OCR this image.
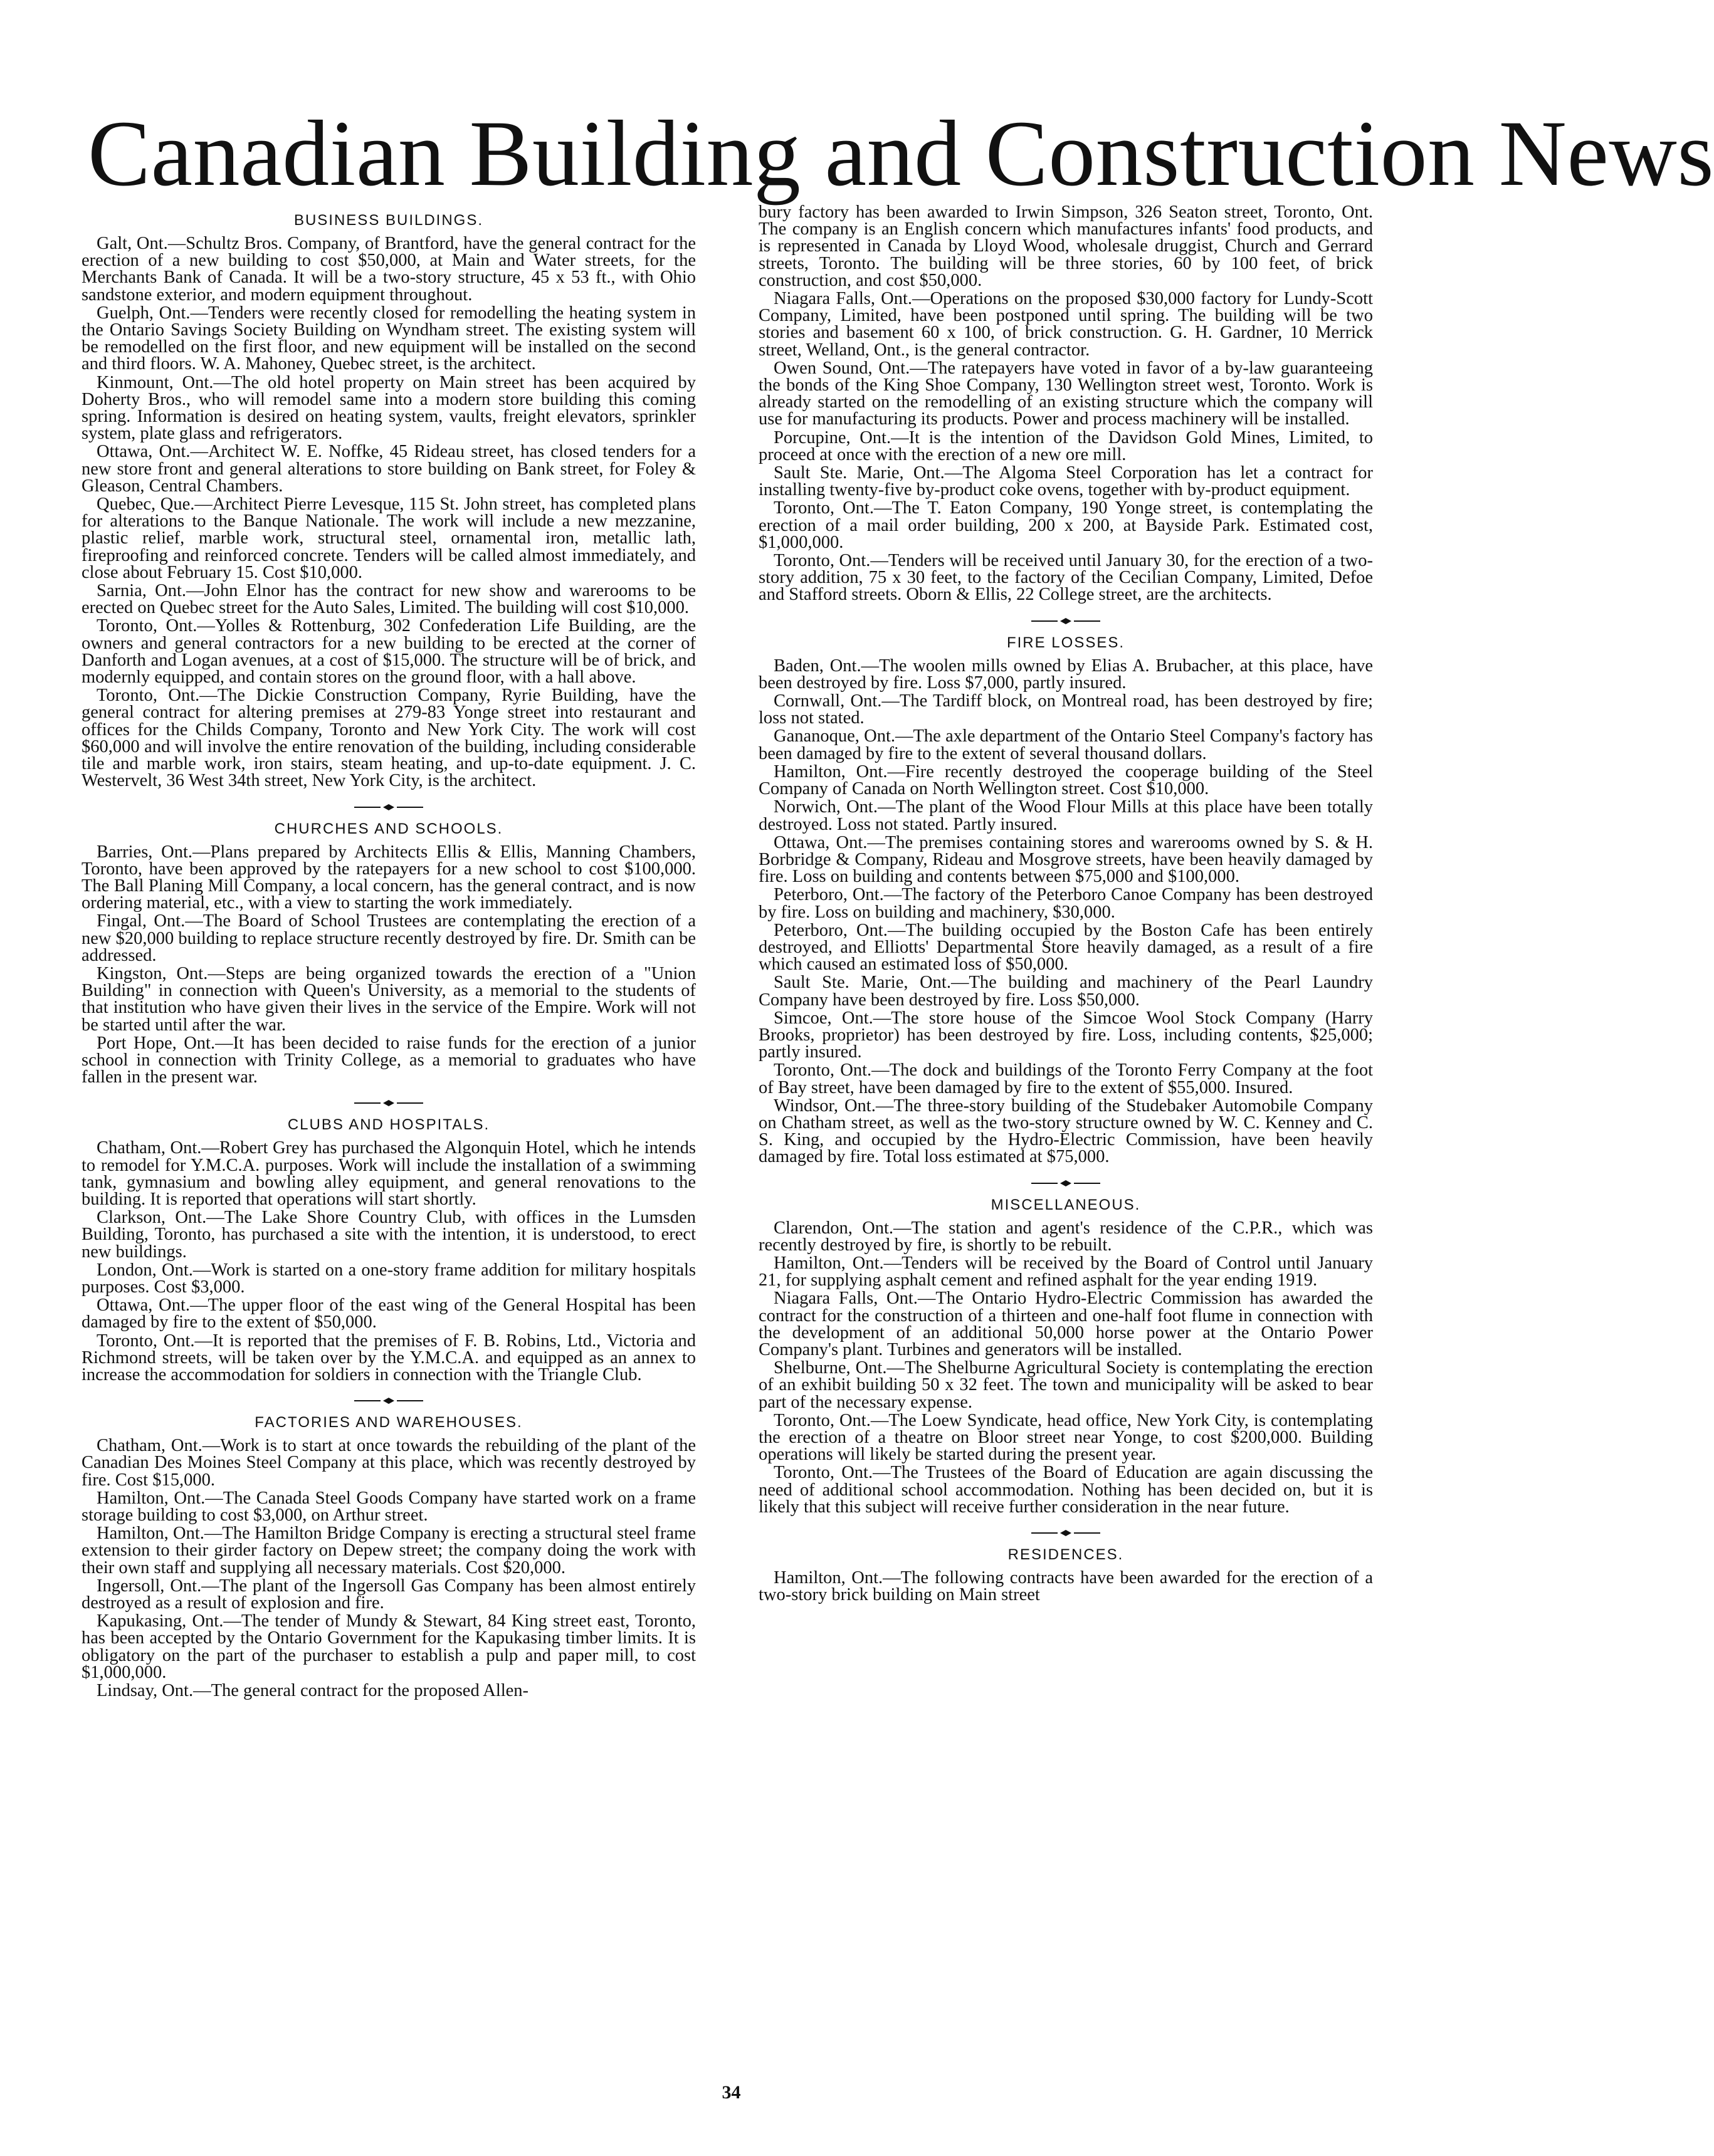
Canadian Building and Construction News
BUSINESS BUILDINGS.

Galt, Ont.—Schultz Bros. Company, of Brantford, have the general contract for the erection of a new building to cost $50,000, at Main and Water streets, for the Merchants Bank of Canada. It will be a two-story structure, 45 x 53 ft., with Ohio sandstone exterior, and modern equipment throughout.

Guelph, Ont.—Tenders were recently closed for remodelling the heating system in the Ontario Savings Society Building on Wyndham street. The existing system will be remodelled on the first floor, and new equipment will be installed on the second and third floors. W. A. Mahoney, Quebec street, is the architect.

Kinmount, Ont.—The old hotel property on Main street has been acquired by Doherty Bros., who will remodel same into a modern store building this coming spring. Information is desired on heating system, vaults, freight elevators, sprinkler system, plate glass and refrigerators.

Ottawa, Ont.—Architect W. E. Noffke, 45 Rideau street, has closed tenders for a new store front and general alterations to store building on Bank street, for Foley & Gleason, Central Chambers.

Quebec, Que.—Architect Pierre Levesque, 115 St. John street, has completed plans for alterations to the Banque Nationale. The work will include a new mezzanine, plastic relief, marble work, structural steel, ornamental iron, metallic lath, fireproofing and reinforced concrete. Tenders will be called almost immediately, and close about February 15. Cost $10,000.

Sarnia, Ont.—John Elnor has the contract for new show and warerooms to be erected on Quebec street for the Auto Sales, Limited. The building will cost $10,000.

Toronto, Ont.—Yolles & Rottenburg, 302 Confederation Life Building, are the owners and general contractors for a new building to be erected at the corner of Danforth and Logan avenues, at a cost of $15,000. The structure will be of brick, and modernly equipped, and contain stores on the ground floor, with a hall above.

Toronto, Ont.—The Dickie Construction Company, Ryrie Building, have the general contract for altering premises at 279-83 Yonge street into restaurant and offices for the Childs Company, Toronto and New York City. The work will cost $60,000 and will involve the entire renovation of the building, including considerable tile and marble work, iron stairs, steam heating, and up-to-date equipment. J. C. Westervelt, 36 West 34th street, New York City, is the architect.

CHURCHES AND SCHOOLS.

Barries, Ont.—Plans prepared by Architects Ellis & Ellis, Manning Chambers, Toronto, have been approved by the ratepayers for a new school to cost $100,000. The Ball Planing Mill Company, a local concern, has the general contract, and is now ordering material, etc., with a view to starting the work immediately.

Fingal, Ont.—The Board of School Trustees are contemplating the erection of a new $20,000 building to replace structure recently destroyed by fire. Dr. Smith can be addressed.

Kingston, Ont.—Steps are being organized towards the erection of a "Union Building" in connection with Queen's University, as a memorial to the students of that institution who have given their lives in the service of the Empire. Work will not be started until after the war.

Port Hope, Ont.—It has been decided to raise funds for the erection of a junior school in connection with Trinity College, as a memorial to graduates who have fallen in the present war.

CLUBS AND HOSPITALS.

Chatham, Ont.—Robert Grey has purchased the Algonquin Hotel, which he intends to remodel for Y.M.C.A. purposes. Work will include the installation of a swimming tank, gymnasium and bowling alley equipment, and general renovations to the building. It is reported that operations will start shortly.

Clarkson, Ont.—The Lake Shore Country Club, with offices in the Lumsden Building, Toronto, has purchased a site with the intention, it is understood, to erect new buildings.

London, Ont.—Work is started on a one-story frame addition for military hospitals purposes. Cost $3,000.

Ottawa, Ont.—The upper floor of the east wing of the General Hospital has been damaged by fire to the extent of $50,000.

Toronto, Ont.—It is reported that the premises of F. B. Robins, Ltd., Victoria and Richmond streets, will be taken over by the Y.M.C.A. and equipped as an annex to increase the accommodation for soldiers in connection with the Triangle Club.

FACTORIES AND WAREHOUSES.

Chatham, Ont.—Work is to start at once towards the rebuilding of the plant of the Canadian Des Moines Steel Company at this place, which was recently destroyed by fire. Cost $15,000.

Hamilton, Ont.—The Canada Steel Goods Company have started work on a frame storage building to cost $3,000, on Arthur street.

Hamilton, Ont.—The Hamilton Bridge Company is erecting a structural steel frame extension to their girder factory on Depew street; the company doing the work with their own staff and supplying all necessary materials. Cost $20,000.

Ingersoll, Ont.—The plant of the Ingersoll Gas Company has been almost entirely destroyed as a result of explosion and fire.

Kapukasing, Ont.—The tender of Mundy & Stewart, 84 King street east, Toronto, has been accepted by the Ontario Government for the Kapukasing timber limits. It is obligatory on the part of the purchaser to establish a pulp and paper mill, to cost $1,000,000.

Lindsay, Ont.—The general contract for the proposed Allen-

bury factory has been awarded to Irwin Simpson, 326 Seaton street, Toronto, Ont. The company is an English concern which manufactures infants' food products, and is represented in Canada by Lloyd Wood, wholesale druggist, Church and Gerrard streets, Toronto. The building will be three stories, 60 by 100 feet, of brick construction, and cost $50,000.

Niagara Falls, Ont.—Operations on the proposed $30,000 factory for Lundy-Scott Company, Limited, have been postponed until spring. The building will be two stories and basement 60 x 100, of brick construction. G. H. Gardner, 10 Merrick street, Welland, Ont., is the general contractor.

Owen Sound, Ont.—The ratepayers have voted in favor of a by-law guaranteeing the bonds of the King Shoe Company, 130 Wellington street west, Toronto. Work is already started on the remodelling of an existing structure which the company will use for manufacturing its products. Power and process machinery will be installed.

Porcupine, Ont.—It is the intention of the Davidson Gold Mines, Limited, to proceed at once with the erection of a new ore mill.

Sault Ste. Marie, Ont.—The Algoma Steel Corporation has let a contract for installing twenty-five by-product coke ovens, together with by-product equipment.

Toronto, Ont.—The T. Eaton Company, 190 Yonge street, is contemplating the erection of a mail order building, 200 x 200, at Bayside Park. Estimated cost, $1,000,000.

Toronto, Ont.—Tenders will be received until January 30, for the erection of a two-story addition, 75 x 30 feet, to the factory of the Cecilian Company, Limited, Defoe and Stafford streets. Oborn & Ellis, 22 College street, are the architects.

FIRE LOSSES.

Baden, Ont.—The woolen mills owned by Elias A. Brubacher, at this place, have been destroyed by fire. Loss $7,000, partly insured.

Cornwall, Ont.—The Tardiff block, on Montreal road, has been destroyed by fire; loss not stated.

Gananoque, Ont.—The axle department of the Ontario Steel Company's factory has been damaged by fire to the extent of several thousand dollars.

Hamilton, Ont.—Fire recently destroyed the cooperage building of the Steel Company of Canada on North Wellington street. Cost $10,000.

Norwich, Ont.—The plant of the Wood Flour Mills at this place have been totally destroyed. Loss not stated. Partly insured.

Ottawa, Ont.—The premises containing stores and warerooms owned by S. & H. Borbridge & Company, Rideau and Mosgrove streets, have been heavily damaged by fire. Loss on building and contents between $75,000 and $100,000.

Peterboro, Ont.—The factory of the Peterboro Canoe Company has been destroyed by fire. Loss on building and machinery, $30,000.

Peterboro, Ont.—The building occupied by the Boston Cafe has been entirely destroyed, and Elliotts' Departmental Store heavily damaged, as a result of a fire which caused an estimated loss of $50,000.

Sault Ste. Marie, Ont.—The building and machinery of the Pearl Laundry Company have been destroyed by fire. Loss $50,000.

Simcoe, Ont.—The store house of the Simcoe Wool Stock Company (Harry Brooks, proprietor) has been destroyed by fire. Loss, including contents, $25,000; partly insured.

Toronto, Ont.—The dock and buildings of the Toronto Ferry Company at the foot of Bay street, have been damaged by fire to the extent of $55,000. Insured.

Windsor, Ont.—The three-story building of the Studebaker Automobile Company on Chatham street, as well as the two-story structure owned by W. C. Kenney and C. S. King, and occupied by the Hydro-Electric Commission, have been heavily damaged by fire. Total loss estimated at $75,000.

MISCELLANEOUS.

Clarendon, Ont.—The station and agent's residence of the C.P.R., which was recently destroyed by fire, is shortly to be rebuilt.

Hamilton, Ont.—Tenders will be received by the Board of Control until January 21, for supplying asphalt cement and refined asphalt for the year ending 1919.

Niagara Falls, Ont.—The Ontario Hydro-Electric Commission has awarded the contract for the construction of a thirteen and one-half foot flume in connection with the development of an additional 50,000 horse power at the Ontario Power Company's plant. Turbines and generators will be installed.

Shelburne, Ont.—The Shelburne Agricultural Society is contemplating the erection of an exhibit building 50 x 32 feet. The town and municipality will be asked to bear part of the necessary expense.

Toronto, Ont.—The Loew Syndicate, head office, New York City, is contemplating the erection of a theatre on Bloor street near Yonge, to cost $200,000. Building operations will likely be started during the present year.

Toronto, Ont.—The Trustees of the Board of Education are again discussing the need of additional school accommodation. Nothing has been decided on, but it is likely that this subject will receive further consideration in the near future.

RESIDENCES.

Hamilton, Ont.—The following contracts have been awarded for the erection of a two-story brick building on Main street

34
